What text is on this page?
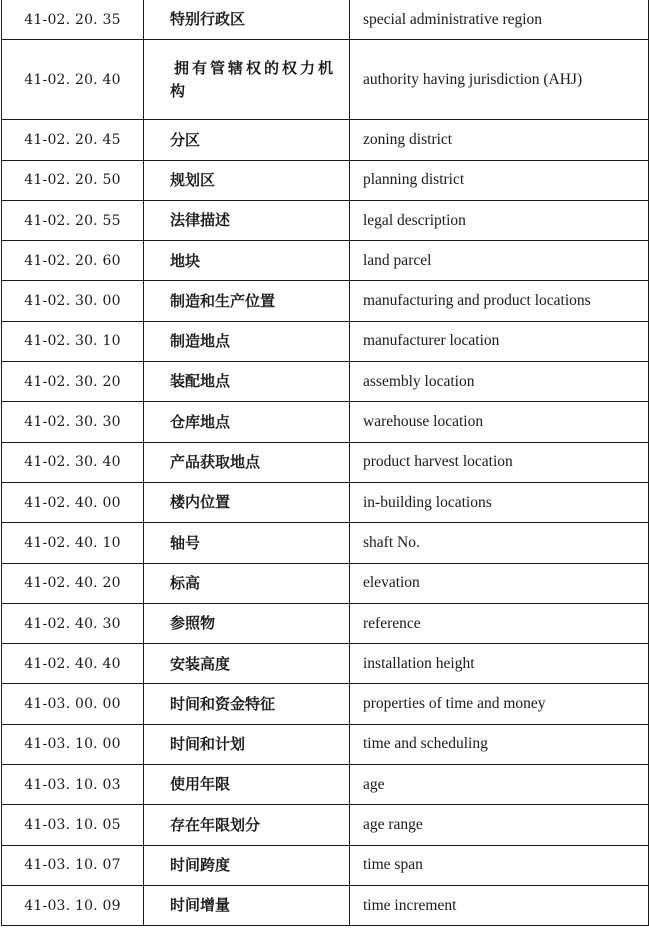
41-02. 20. 35	特别行政区	special administrative region
41-02. 20. 40	拥有管辖权的权力机构	authority having jurisdiction (AHJ)
41-02. 20. 45	分区	zoning district
41-02. 20. 50	规划区	planning district
41-02. 20. 55	法律描述	legal description
41-02. 20. 60	地块	land parcel
41-02. 30. 00	制造和生产位置	manufacturing and product locations
41-02. 30. 10	制造地点	manufacturer location
41-02. 30. 20	装配地点	assembly location
41-02. 30. 30	仓库地点	warehouse location
41-02. 30. 40	产品获取地点	product harvest location
41-02. 40. 00	楼内位置	in-building locations
41-02. 40. 10	轴号	shaft No.
41-02. 40. 20	标高	elevation
41-02. 40. 30	参照物	reference
41-02. 40. 40	安装高度	installation height
41-03. 00. 00	时间和资金特征	properties of time and money
41-03. 10. 00	时间和计划	time and scheduling
41-03. 10. 03	使用年限	age
41-03. 10. 05	存在年限划分	age range
41-03. 10. 07	时间跨度	time span
41-03. 10. 09	时间增量	time increment
